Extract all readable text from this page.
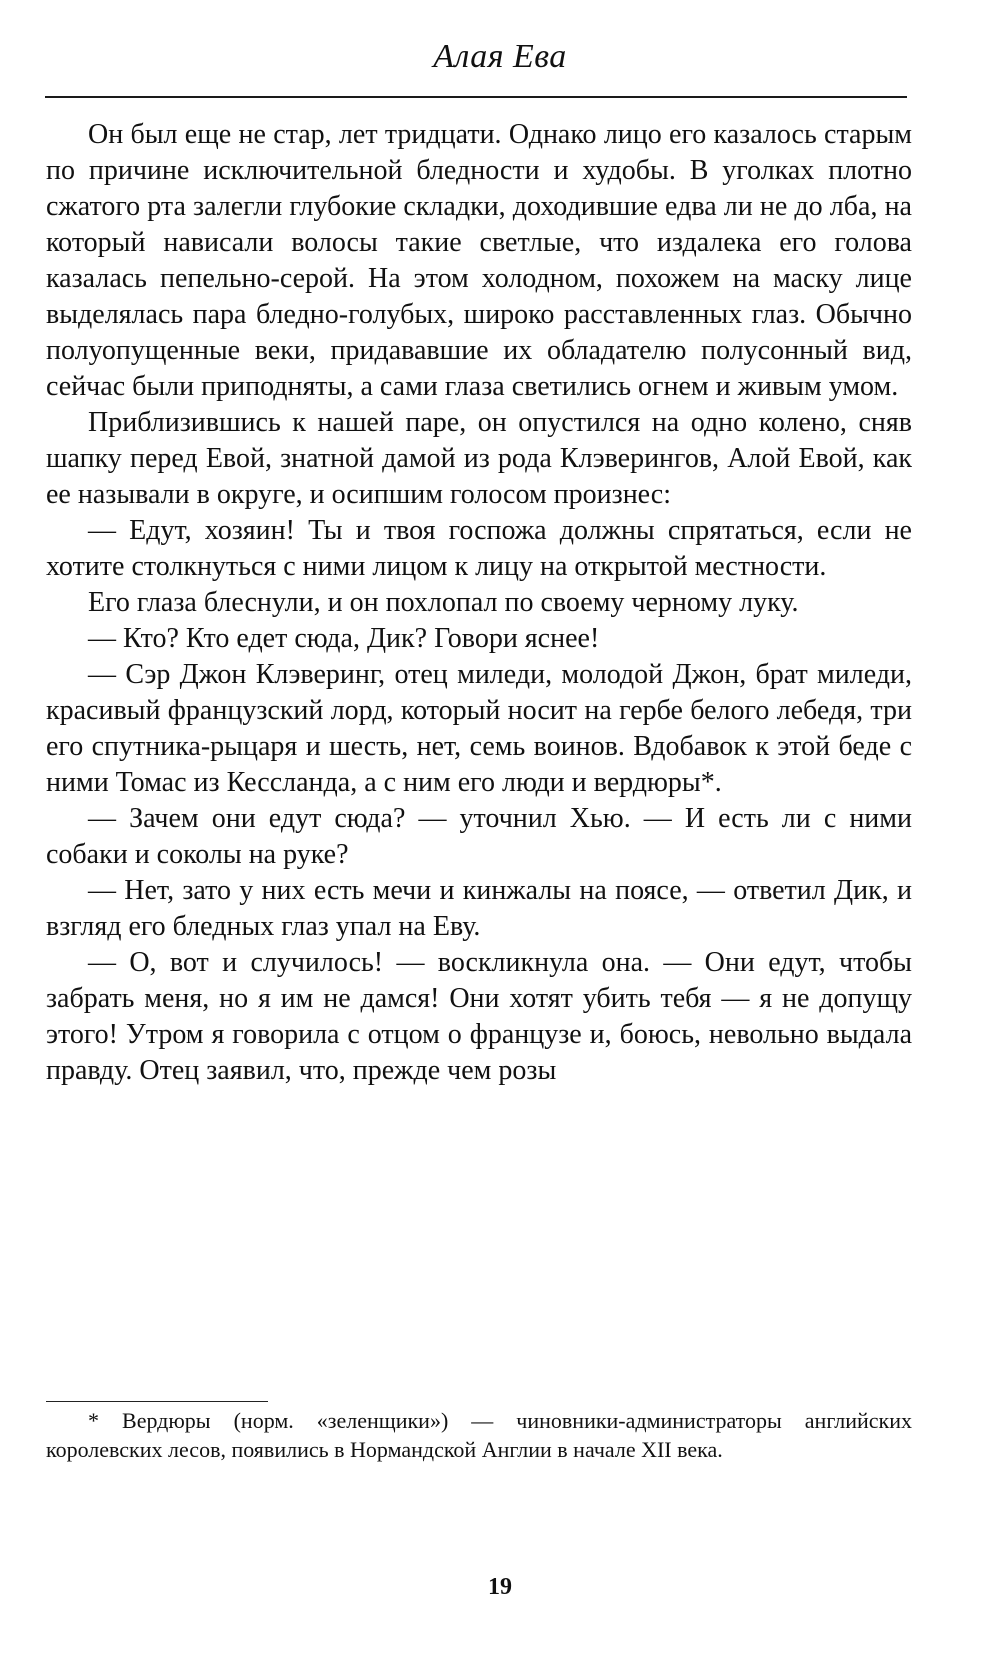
Алая Ева

Он был еще не стар, лет тридцати. Однако лицо его казалось старым по причине исключительной бледности и худобы. В уголках плотно сжатого рта залегли глубокие складки, доходившие едва ли не до лба, на который нависали волосы такие светлые, что издалека его голова казалась пепельно-серой. На этом холодном, похожем на маску лице выделялась пара бледно-голубых, широко расставленных глаз. Обычно полуопущенные веки, придававшие их обладателю полусонный вид, сейчас были приподняты, а сами глаза светились огнем и живым умом.

Приблизившись к нашей паре, он опустился на одно колено, сняв шапку перед Евой, знатной дамой из рода Клэверингов, Алой Евой, как ее называли в округе, и осипшим голосом произнес:

— Едут, хозяин! Ты и твоя госпожа должны спрятаться, если не хотите столкнуться с ними лицом к лицу на открытой местности.

Его глаза блеснули, и он похлопал по своему черному луку.

— Кто? Кто едет сюда, Дик? Говори яснее!

— Сэр Джон Клэверинг, отец миледи, молодой Джон, брат миледи, красивый французский лорд, который носит на гербе белого лебедя, три его спутника-рыцаря и шесть, нет, семь воинов. Вдобавок к этой беде с ними Томас из Кессланда, а с ним его люди и вердюры*.

— Зачем они едут сюда? — уточнил Хью. — И есть ли с ними собаки и соколы на руке?

— Нет, зато у них есть мечи и кинжалы на поясе, — ответил Дик, и взгляд его бледных глаз упал на Еву.

— О, вот и случилось! — воскликнула она. — Они едут, чтобы забрать меня, но я им не дамся! Они хотят убить тебя — я не допущу этого! Утром я говорила с отцом о французе и, боюсь, невольно выдала правду. Отец заявил, что, прежде чем розы

* Вердюры (норм. «зеленщики») — чиновники-администраторы английских королевских лесов, появились в Нормандской Англии в начале XII века.
19
